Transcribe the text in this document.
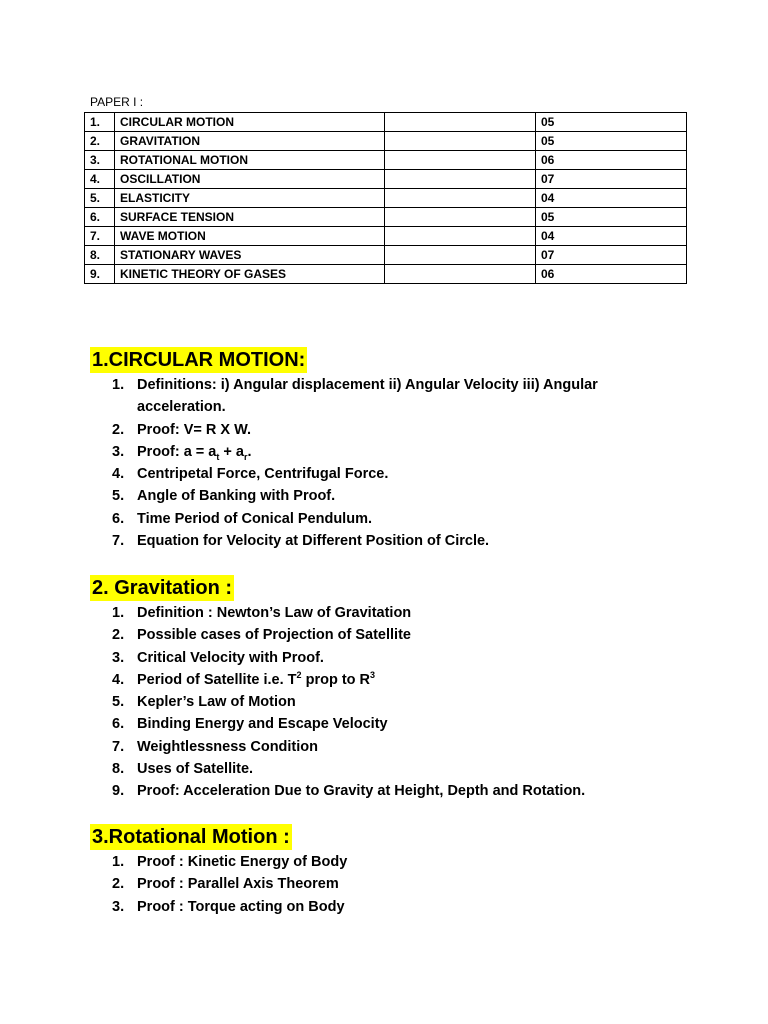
PAPER I :
1.	CIRCULAR MOTION		05
2.	GRAVITATION		05
3.	ROTATIONAL MOTION		06
4.	OSCILLATION		07
5.	ELASTICITY		04
6.	SURFACE TENSION		05
7.	WAVE MOTION		04
8.	STATIONARY WAVES		07
9.	KINETIC THEORY OF GASES		06
1.CIRCULAR MOTION:
1. Definitions: i) Angular displacement ii) Angular Velocity iii) Angular acceleration.
2. Proof: V= R X W.
3. Proof: $a = a_t + a_r$.
4. Centripetal Force, Centrifugal Force.
5. Angle of Banking with Proof.
6. Time Period of Conical Pendulum.
7. Equation for Velocity at Different Position of Circle.
2. Gravitation :
1. Definition : Newton’s Law of Gravitation
2. Possible cases of Projection of Satellite
3. Critical Velocity with Proof.
4. Period of Satellite i.e. $T^2$ prop to $R^3$
5. Kepler’s Law of Motion
6. Binding Energy and Escape Velocity
7. Weightlessness Condition
8. Uses of Satellite.
9. Proof: Acceleration Due to Gravity at Height, Depth and Rotation.
3.Rotational Motion :
1. Proof : Kinetic Energy of Body
2. Proof : Parallel Axis Theorem
3. Proof : Torque acting on Body
